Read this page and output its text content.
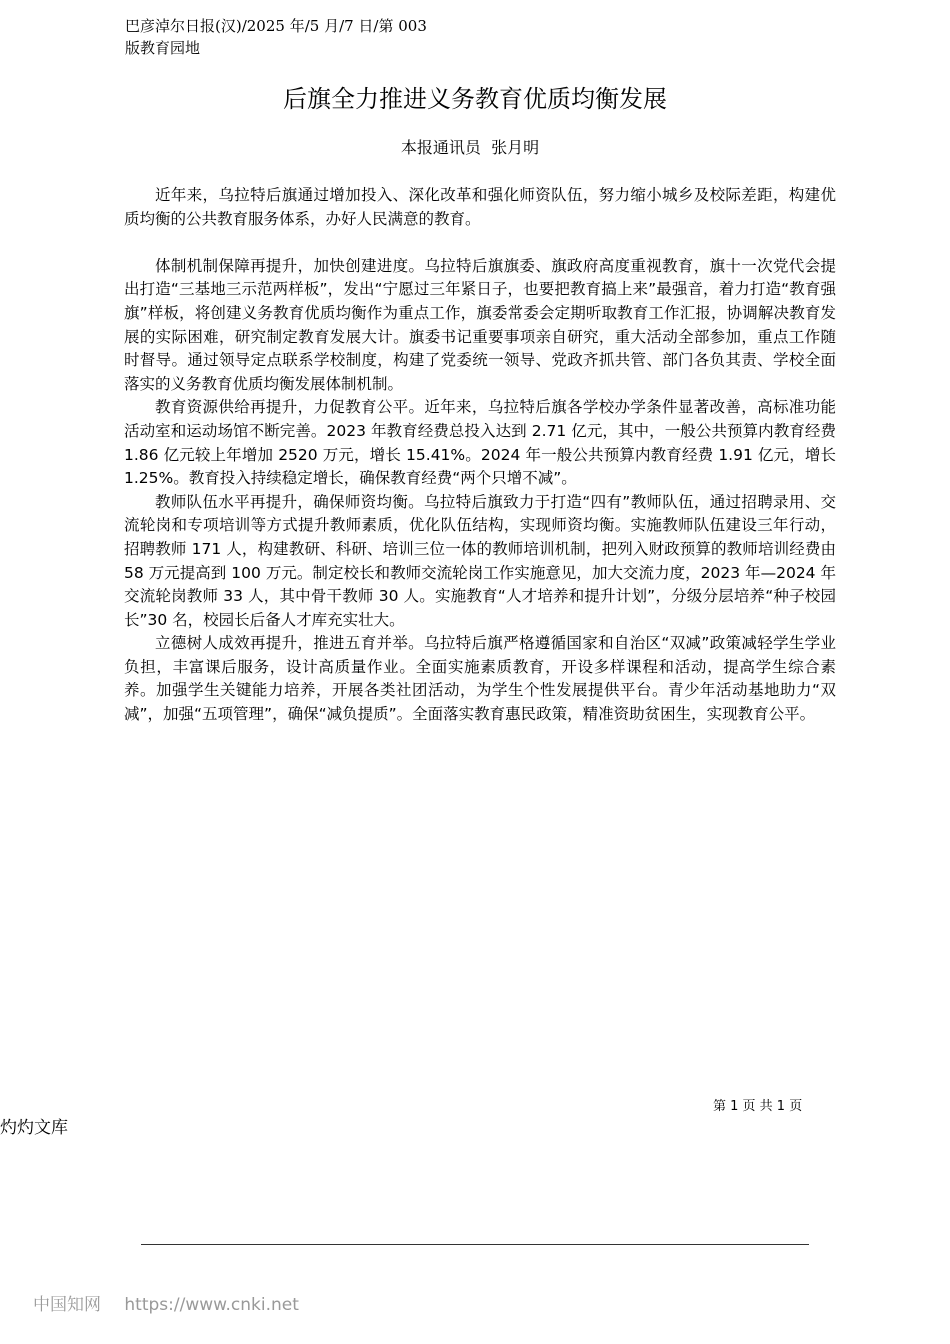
巴彦淖尔日报(汉)/2025 年/5 月/7 日/第 003
版教育园地
后旗全力推进义务教育优质均衡发展
本报通讯员  张月明

近年来，乌拉特后旗通过增加投入、深化改革和强化师资队伍，努力缩小城乡及校际差距，构建优质均衡的公共教育服务体系，办好人民满意的教育。

体制机制保障再提升，加快创建进度。乌拉特后旗旗委、旗政府高度重视教育，旗十一次党代会提出打造“三基地三示范两样板”，发出“宁愿过三年紧日子，也要把教育搞上来”最强音，着力打造“教育强旗”样板，将创建义务教育优质均衡作为重点工作，旗委常委会定期听取教育工作汇报，协调解决教育发展的实际困难，研究制定教育发展大计。旗委书记重要事项亲自研究，重大活动全部参加，重点工作随时督导。通过领导定点联系学校制度，构建了党委统一领导、党政齐抓共管、部门各负其责、学校全面落实的义务教育优质均衡发展体制机制。

教育资源供给再提升，力促教育公平。近年来，乌拉特后旗各学校办学条件显著改善，高标准功能活动室和运动场馆不断完善。2023 年教育经费总投入达到 2.71 亿元，其中，一般公共预算内教育经费 1.86 亿元较上年增加 2520 万元，增长 15.41%。2024 年一般公共预算内教育经费 1.91 亿元，增长 1.25%。教育投入持续稳定增长，确保教育经费“两个只增不减”。

教师队伍水平再提升，确保师资均衡。乌拉特后旗致力于打造“四有”教师队伍，通过招聘录用、交流轮岗和专项培训等方式提升教师素质，优化队伍结构，实现师资均衡。实施教师队伍建设三年行动，招聘教师 171 人，构建教研、科研、培训三位一体的教师培训机制，把列入财政预算的教师培训经费由 58 万元提高到 100 万元。制定校长和教师交流轮岗工作实施意见，加大交流力度，2023 年—2024 年交流轮岗教师 33 人，其中骨干教师 30 人。实施教育“人才培养和提升计划”，分级分层培养“种子校园长”30 名，校园长后备人才库充实壮大。

立德树人成效再提升，推进五育并举。乌拉特后旗严格遵循国家和自治区“双减”政策减轻学生学业负担，丰富课后服务，设计高质量作业。全面实施素质教育，开设多样课程和活动，提高学生综合素养。加强学生关键能力培养，开展各类社团活动，为学生个性发展提供平台。青少年活动基地助力“双减”，加强“五项管理”，确保“减负提质”。全面落实教育惠民政策，精准资助贫困生，实现教育公平。

第 1 页 共 1 页
灼灼文库
中国知网 https://www.cnki.net
